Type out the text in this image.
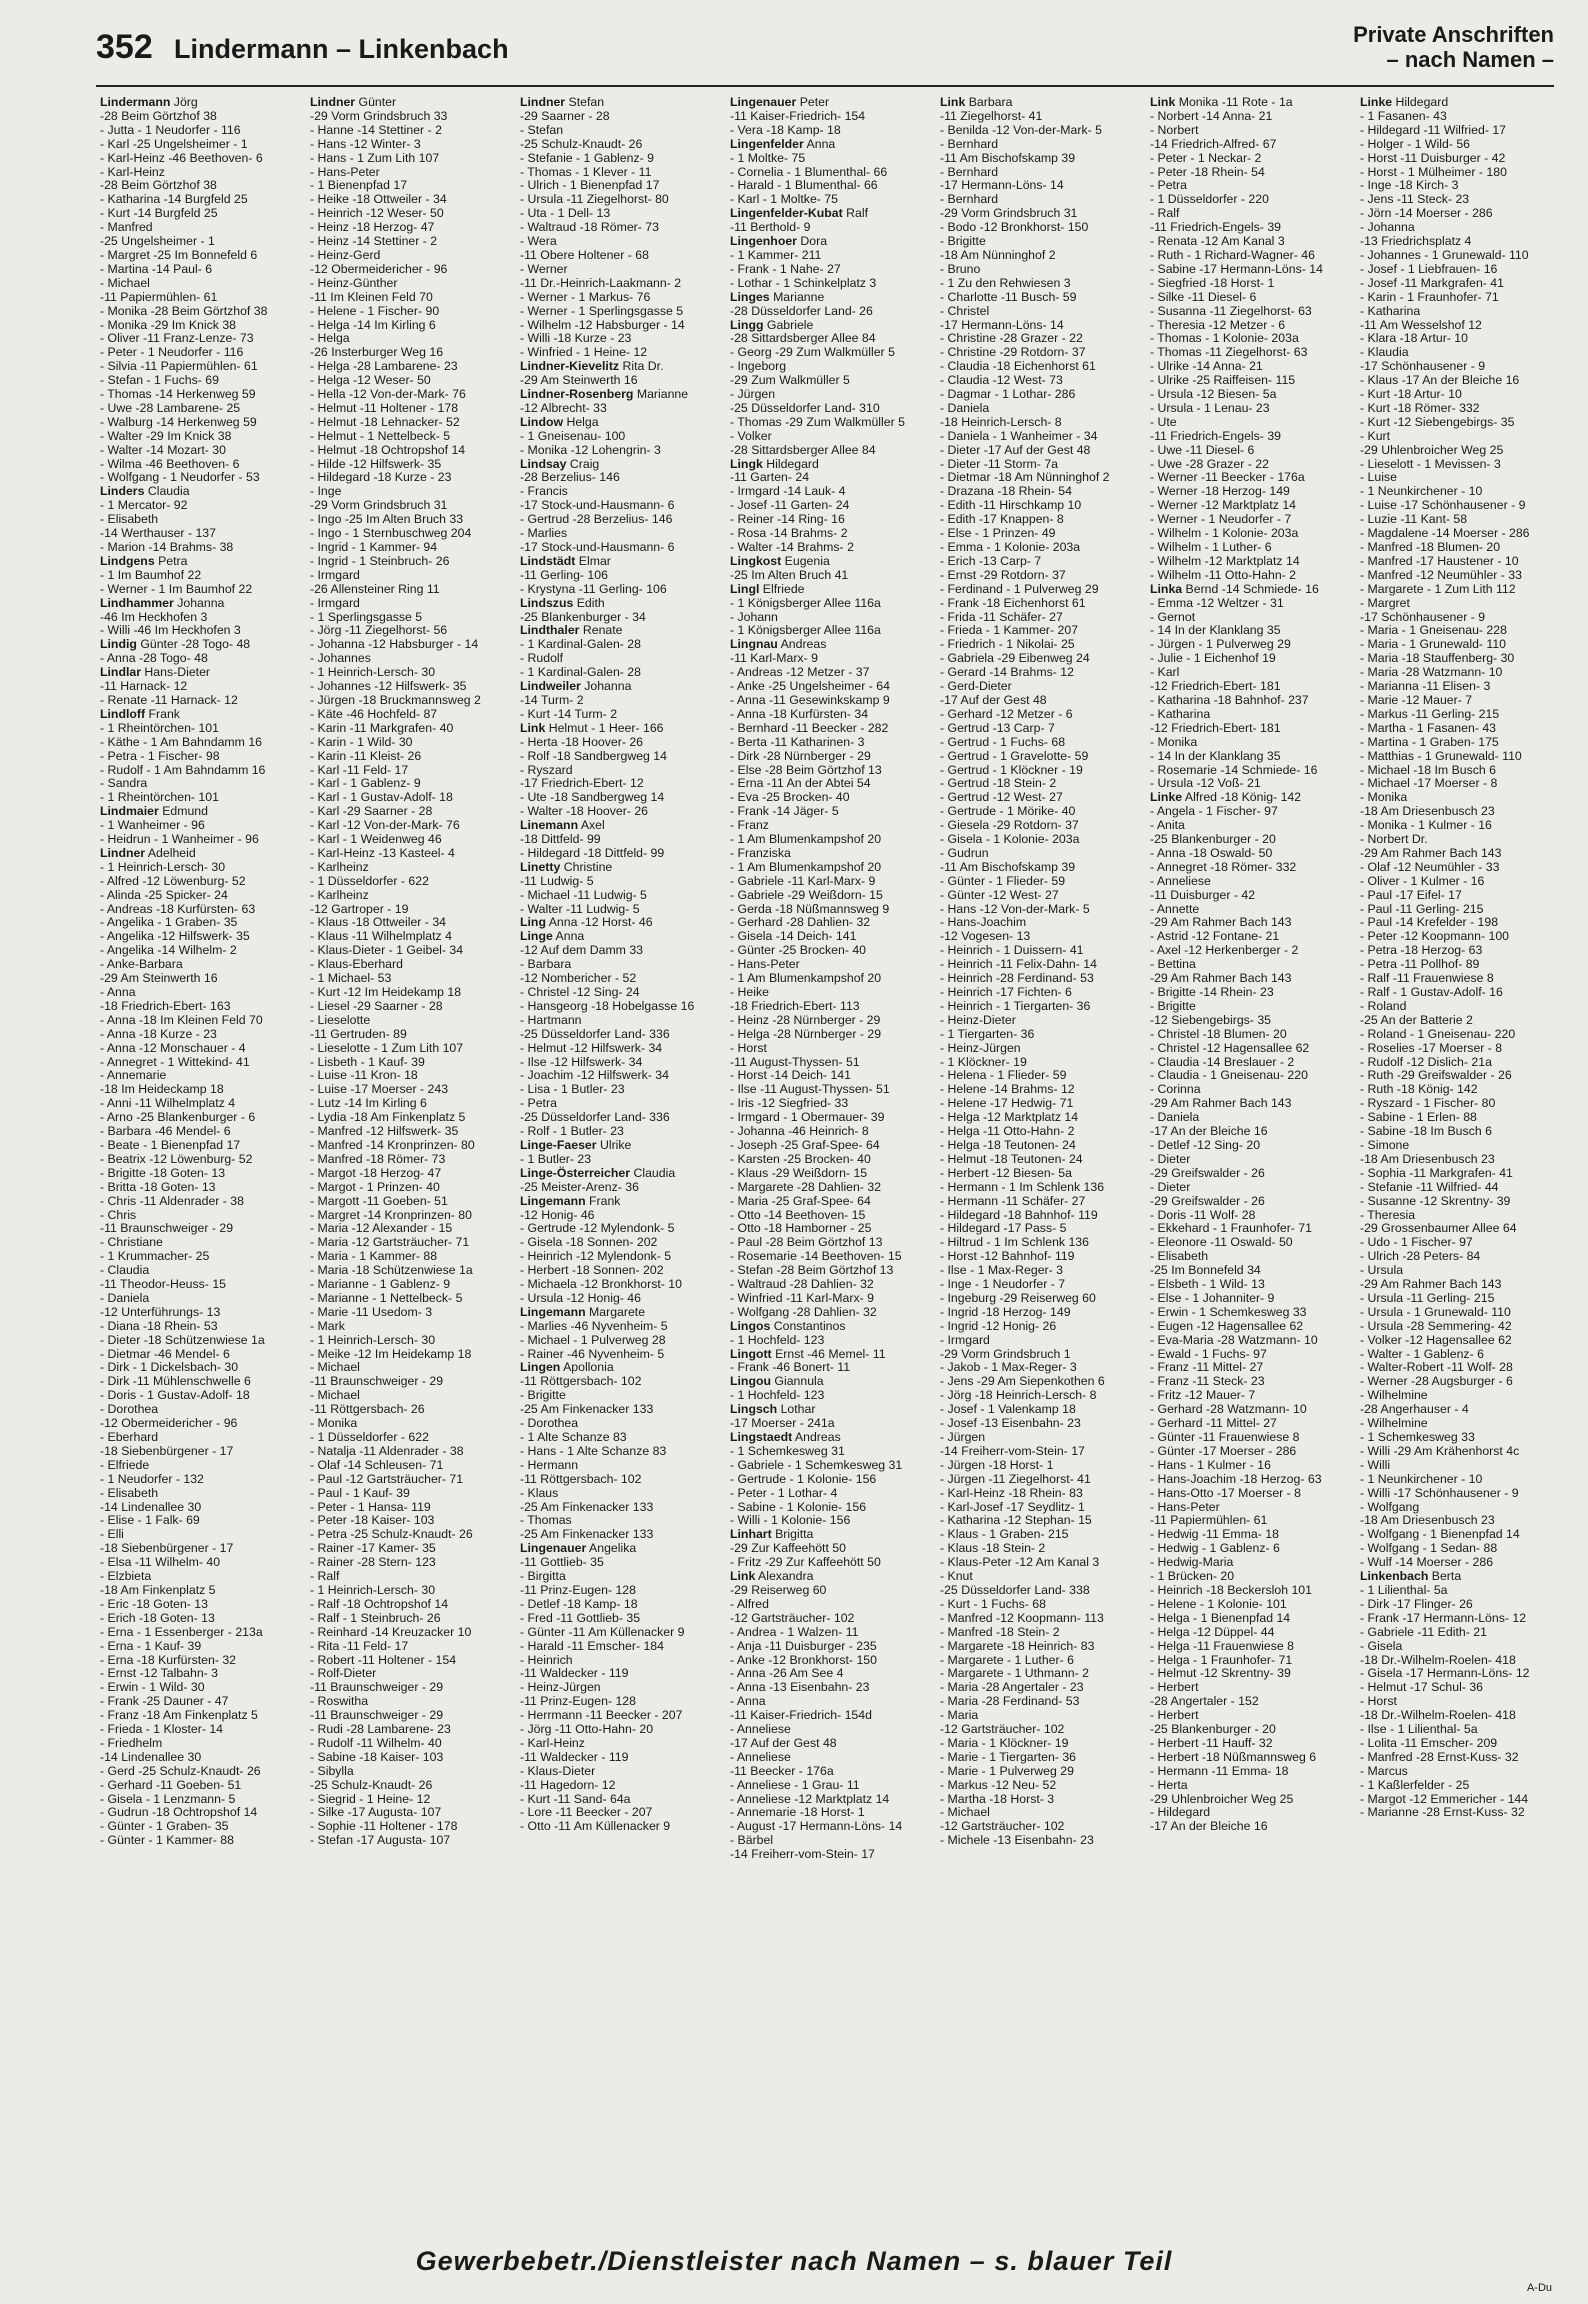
352 Lindermann – Linkenbach	Private Anschriften
– nach Namen –
Lindermann Jörg
-28 Beim Görtzhof 38
- Jutta - 1 Neudorfer - 116
- Karl -25 Ungelsheimer - 1
- Karl-Heinz -46 Beethoven- 6
- Karl-Heinz
-28 Beim Görtzhof 38
- Katharina -14 Burgfeld 25
- Kurt -14 Burgfeld 25
- Manfred
-25 Ungelsheimer - 1
- Margret -25 Im Bonnefeld 6
- Martina -14 Paul- 6
- Michael
-11 Papiermühlen- 61
- Monika -28 Beim Görtzhof 38
- Monika -29 Im Knick 38
- Oliver -11 Franz-Lenze- 73
- Peter - 1 Neudorfer - 116
- Silvia -11 Papiermühlen- 61
- Stefan - 1 Fuchs- 69
- Thomas -14 Herkenweg 59
- Uwe -28 Lambarene- 25
- Walburg -14 Herkenweg 59
- Walter -29 Im Knick 38
- Walter -14 Mozart- 30
- Wilma -46 Beethoven- 6
- Wolfgang - 1 Neudorfer - 53
Linders Claudia
- 1 Mercator- 92
- Elisabeth
-14 Werthauser - 137
- Marion -14 Brahms- 38
Lindgens Petra
- 1 Im Baumhof 22
- Werner - 1 Im Baumhof 22
Lindhammer Johanna
-46 Im Heckhofen 3
- Willi -46 Im Heckhofen 3
Lindig Günter -28 Togo- 48
- Anna -28 Togo- 48
Lindlar Hans-Dieter
-11 Harnack- 12
- Renate -11 Harnack- 12
Lindloff Frank
- 1 Rheintörchen- 101
- Käthe - 1 Am Bahndamm 16
- Petra - 1 Fischer- 98
- Rudolf - 1 Am Bahndamm 16
- Sandra
- 1 Rheintörchen- 101
Lindmaier Edmund
- 1 Wanheimer - 96
- Heidrun - 1 Wanheimer - 96
Lindner Adelheid
- 1 Heinrich-Lersch- 30
- Alfred -12 Löwenburg- 52
- Alinda -25 Spicker- 24
- Andreas -18 Kurfürsten- 63
- Angelika - 1 Graben- 35
- Angelika -12 Hilfswerk- 35
- Angelika -14 Wilhelm- 2
- Anke-Barbara
-29 Am Steinwerth 16
- Anna
-18 Friedrich-Ebert- 163
- Anna -18 Im Kleinen Feld 70
- Anna -18 Kurze - 23
- Anna -12 Monschauer - 4
- Annegret - 1 Wittekind- 41
- Annemarie
-18 Im Heideckamp 18
- Anni -11 Wilhelmplatz 4
- Arno -25 Blankenburger - 6
- Barbara -46 Mendel- 6
- Beate - 1 Bienenpfad 17
- Beatrix -12 Löwenburg- 52
- Brigitte -18 Goten- 13
- Britta -18 Goten- 13
- Chris -11 Aldenrader - 38
- Chris
-11 Braunschweiger - 29
- Christiane
- 1 Krummacher- 25
- Claudia
-11 Theodor-Heuss- 15
- Daniela
-12 Unterführungs- 13
- Diana -18 Rhein- 53
- Dieter -18 Schützenwiese 1a
- Dietmar -46 Mendel- 6
- Dirk - 1 Dickelsbach- 30
- Dirk -11 Mühlenschwelle 6
- Doris - 1 Gustav-Adolf- 18
- Dorothea
-12 Obermeidericher - 96
- Eberhard
-18 Siebenbürgener - 17
- Elfriede
- 1 Neudorfer - 132
- Elisabeth
-14 Lindenallee 30
- Elise - 1 Falk- 69
- Elli
-18 Siebenbürgener - 17
- Elsa -11 Wilhelm- 40
- Elzbieta
-18 Am Finkenplatz 5
- Eric -18 Goten- 13
- Erich -18 Goten- 13
- Erna - 1 Essenberger - 213a
- Erna - 1 Kauf- 39
- Erna -18 Kurfürsten- 32
- Ernst -12 Talbahn- 3
- Erwin - 1 Wild- 30
- Frank -25 Dauner - 47
- Franz -18 Am Finkenplatz 5
- Frieda - 1 Kloster- 14
- Friedhelm
-14 Lindenallee 30
- Gerd -25 Schulz-Knaudt- 26
- Gerhard -11 Goeben- 51
- Gisela - 1 Lenzmann- 5
- Gudrun -18 Ochtropshof 14
- Günter - 1 Graben- 35
- Günter - 1 Kammer- 88
Lindner Günter
-29 Vorm Grindsbruch 33
- Hanne -14 Stettiner - 2
- Hans -12 Winter- 3
- Hans - 1 Zum Lith 107
- Hans-Peter
- 1 Bienenpfad 17
- Heike -18 Ottweiler - 34
- Heinrich -12 Weser- 50
- Heinz -18 Herzog- 47
- Heinz -14 Stettiner - 2
- Heinz-Gerd
-12 Obermeidericher - 96
- Heinz-Günther
-11 Im Kleinen Feld 70
- Helene - 1 Fischer- 90
- Helga -14 Im Kirling 6
- Helga
-26 Insterburger Weg 16
- Helga -28 Lambarene- 23
- Helga -12 Weser- 50
- Hella -12 Von-der-Mark- 76
- Helmut -11 Holtener - 178
- Helmut -18 Lehnacker- 52
- Helmut - 1 Nettelbeck- 5
- Helmut -18 Ochtropshof 14
- Hilde -12 Hilfswerk- 35
- Hildegard -18 Kurze - 23
- Inge
-29 Vorm Grindsbruch 31
- Ingo -25 Im Alten Bruch 33
- Ingo - 1 Sternbuschweg 204
- Ingrid - 1 Kammer- 94
- Ingrid - 1 Steinbruch- 26
- Irmgard
-26 Allensteiner Ring 11
- Irmgard
- 1 Sperlingsgasse 5
- Jörg -11 Ziegelhorst- 56
- Johanna -12 Habsburger - 14
- Johannes
- 1 Heinrich-Lersch- 30
- Johannes -12 Hilfswerk- 35
- Jürgen -18 Bruckmannsweg 2
- Käte -46 Hochfeld- 87
- Karin -11 Markgrafen- 40
- Karin - 1 Wild- 30
- Karin -11 Kleist- 26
- Karl -11 Feld- 17
- Karl - 1 Gablenz- 9
- Karl - 1 Gustav-Adolf- 18
- Karl -29 Saarner - 28
- Karl -12 Von-der-Mark- 76
- Karl - 1 Weidenweg 46
- Karl-Heinz -13 Kasteel- 4
- Karlheinz
- 1 Düsseldorfer - 622
- Karlheinz
-12 Gartroper - 19
- Klaus -18 Ottweiler - 34
- Klaus -11 Wilhelmplatz 4
- Klaus-Dieter - 1 Geibel- 34
- Klaus-Eberhard
- 1 Michael- 53
- Kurt -12 Im Heidekamp 18
- Liesel -29 Saarner - 28
- Lieselotte
-11 Gertruden- 89
- Lieselotte - 1 Zum Lith 107
- Lisbeth - 1 Kauf- 39
- Luise -11 Kron- 18
- Luise -17 Moerser - 243
- Lutz -14 Im Kirling 6
- Lydia -18 Am Finkenplatz 5
- Manfred -12 Hilfswerk- 35
- Manfred -14 Kronprinzen- 80
- Manfred -18 Römer- 73
- Margot -18 Herzog- 47
- Margot - 1 Prinzen- 40
- Margott -11 Goeben- 51
- Margret -14 Kronprinzen- 80
- Maria -12 Alexander - 15
- Maria -12 Gartsträucher- 71
- Maria - 1 Kammer- 88
- Maria -18 Schützenwiese 1a
- Marianne - 1 Gablenz- 9
- Marianne - 1 Nettelbeck- 5
- Marie -11 Usedom- 3
- Mark
- 1 Heinrich-Lersch- 30
- Meike -12 Im Heidekamp 18
- Michael
-11 Braunschweiger - 29
- Michael
-11 Röttgersbach- 26
- Monika
- 1 Düsseldorfer - 622
- Natalja -11 Aldenrader - 38
- Olaf -14 Schleusen- 71
- Paul -12 Gartsträucher- 71
- Paul - 1 Kauf- 39
- Peter - 1 Hansa- 119
- Peter -18 Kaiser- 103
- Petra -25 Schulz-Knaudt- 26
- Rainer -17 Kamer- 35
- Rainer -28 Stern- 123
- Ralf
- 1 Heinrich-Lersch- 30
- Ralf -18 Ochtropshof 14
- Ralf - 1 Steinbruch- 26
- Reinhard -14 Kreuzacker 10
- Rita -11 Feld- 17
- Robert -11 Holtener - 154
- Rolf-Dieter
-11 Braunschweiger - 29
- Roswitha
-11 Braunschweiger - 29
- Rudi -28 Lambarene- 23
- Rudolf -11 Wilhelm- 40
- Sabine -18 Kaiser- 103
- Sibylla
-25 Schulz-Knaudt- 26
- Siegrid - 1 Heine- 12
- Silke -17 Augusta- 107
- Sophie -11 Holtener - 178
- Stefan -17 Augusta- 107
Lindner Stefan
-29 Saarner - 28
- Stefan
-25 Schulz-Knaudt- 26
- Stefanie - 1 Gablenz- 9
- Thomas - 1 Klever - 11
- Ulrich - 1 Bienenpfad 17
- Ursula -11 Ziegelhorst- 80
- Uta - 1 Dell- 13
- Waltraud -18 Römer- 73
- Wera
-11 Obere Holtener - 68
- Werner
-11 Dr.-Heinrich-Laakmann- 2
- Werner - 1 Markus- 76
- Werner - 1 Sperlingsgasse 5
- Wilhelm -12 Habsburger - 14
- Willi -18 Kurze - 23
- Winfried - 1 Heine- 12
Lindner-Kievelitz Rita Dr.
-29 Am Steinwerth 16
Lindner-Rosenberg Marianne
-12 Albrecht- 33
Lindow Helga
- 1 Gneisenau- 100
- Monika -12 Lohengrin- 3
Lindsay Craig
-28 Berzelius- 146
- Francis
-17 Stock-und-Hausmann- 6
- Gertrud -28 Berzelius- 146
- Marlies
-17 Stock-und-Hausmann- 6
Lindstädt Elmar
-11 Gerling- 106
- Krystyna -11 Gerling- 106
Lindszus Edith
-25 Blankenburger - 34
Lindthaler Renate
- 1 Kardinal-Galen- 28
- Rudolf
- 1 Kardinal-Galen- 28
Lindweiler Johanna
-14 Turm- 2
- Kurt -14 Turm- 2
Link Helmut - 1 Heer- 166
- Herta -18 Hoover- 26
- Rolf -18 Sandbergweg 14
- Ryszard
-17 Friedrich-Ebert- 12
- Ute -18 Sandbergweg 14
- Walter -18 Hoover- 26
Linemann Axel
-18 Dittfeld- 99
- Hildegard -18 Dittfeld- 99
Linetty Christine
-11 Ludwig- 5
- Michael -11 Ludwig- 5
- Walter -11 Ludwig- 5
Ling Anna -12 Horst- 46
Linge Anna
-12 Auf dem Damm 33
- Barbara
-12 Nombericher - 52
- Christel -12 Sing- 24
- Hansgeorg -18 Hobelgasse 16
- Hartmann
-25 Düsseldorfer Land- 336
- Helmut -12 Hilfswerk- 34
- Ilse -12 Hilfswerk- 34
- Joachim -12 Hilfswerk- 34
- Lisa - 1 Butler- 23
- Petra
-25 Düsseldorfer Land- 336
- Rolf - 1 Butler- 23
Linge-Faeser Ulrike
- 1 Butler- 23
Linge-Österreicher Claudia
-25 Meister-Arenz- 36
Lingemann Frank
-12 Honig- 46
- Gertrude -12 Mylendonk- 5
- Gisela -18 Sonnen- 202
- Heinrich -12 Mylendonk- 5
- Herbert -18 Sonnen- 202
- Michaela -12 Bronkhorst- 10
- Ursula -12 Honig- 46
Lingemann Margarete
- Marlies -46 Nyvenheim- 5
- Michael - 1 Pulverweg 28
- Rainer -46 Nyvenheim- 5
Lingen Apollonia
-11 Röttgersbach- 102
- Brigitte
-25 Am Finkenacker 133
- Dorothea
- 1 Alte Schanze 83
- Hans - 1 Alte Schanze 83
- Hermann
-11 Röttgersbach- 102
- Klaus
-25 Am Finkenacker 133
- Thomas
-25 Am Finkenacker 133
Lingenauer Angelika
-11 Gottlieb- 35
- Birgitta
-11 Prinz-Eugen- 128
- Detlef -18 Kamp- 18
- Fred -11 Gottlieb- 35
- Günter -11 Am Küllenacker 9
- Harald -11 Emscher- 184
- Heinrich
-11 Waldecker - 119
- Heinz-Jürgen
-11 Prinz-Eugen- 128
- Herrmann -11 Beecker - 207
- Jörg -11 Otto-Hahn- 20
- Karl-Heinz
-11 Waldecker - 119
- Klaus-Dieter
-11 Hagedorn- 12
- Kurt -11 Sand- 64a
- Lore -11 Beecker - 207
- Otto -11 Am Küllenacker 9
Lingenauer Peter
-11 Kaiser-Friedrich- 154
- Vera -18 Kamp- 18
Lingenfelder Anna
- 1 Moltke- 75
- Cornelia - 1 Blumenthal- 66
- Harald - 1 Blumenthal- 66
- Karl - 1 Moltke- 75
Lingenfelder-Kubat Ralf
-11 Berthold- 9
Lingenhoer Dora
- 1 Kammer- 211
- Frank - 1 Nahe- 27
- Lothar - 1 Schinkelplatz 3
Linges Marianne
-28 Düsseldorfer Land- 26
Lingg Gabriele
-28 Sittardsberger Allee 84
- Georg -29 Zum Walkmüller 5
- Ingeborg
-29 Zum Walkmüller 5
- Jürgen
-25 Düsseldorfer Land- 310
- Thomas -29 Zum Walkmüller 5
- Volker
-28 Sittardsberger Allee 84
Lingk Hildegard
-11 Garten- 24
- Irmgard -14 Lauk- 4
- Josef -11 Garten- 24
- Reiner -14 Ring- 16
- Rosa -14 Brahms- 2
- Walter -14 Brahms- 2
Lingkost Eugenia
-25 Im Alten Bruch 41
Lingl Elfriede
- 1 Königsberger Allee 116a
- Johann
- 1 Königsberger Allee 116a
Lingnau Andreas
-11 Karl-Marx- 9
- Andreas -12 Metzer - 37
- Anke -25 Ungelsheimer - 64
- Anna -11 Gesewinkskamp 9
- Anna -18 Kurfürsten- 34
- Bernhard -11 Beecker - 282
- Berta -11 Katharinen- 3
- Dirk -28 Nürnberger - 29
- Else -28 Beim Görtzhof 13
- Erna -11 An der Abtei 54
- Eva -25 Brocken- 40
- Frank -14 Jäger- 5
- Franz
- 1 Am Blumenkampshof 20
- Franziska
- 1 Am Blumenkampshof 20
- Gabriele -11 Karl-Marx- 9
- Gabriele -29 Weißdorn- 15
- Gerda -18 Nüßmannsweg 9
- Gerhard -28 Dahlien- 32
- Gisela -14 Deich- 141
- Günter -25 Brocken- 40
- Hans-Peter
- 1 Am Blumenkampshof 20
- Heike
-18 Friedrich-Ebert- 113
- Heinz -28 Nürnberger - 29
- Helga -28 Nürnberger - 29
- Horst
-11 August-Thyssen- 51
- Horst -14 Deich- 141
- Ilse -11 August-Thyssen- 51
- Iris -12 Siegfried- 33
- Irmgard - 1 Obermauer- 39
- Johanna -46 Heinrich- 8
- Joseph -25 Graf-Spee- 64
- Karsten -25 Brocken- 40
- Klaus -29 Weißdorn- 15
- Margarete -28 Dahlien- 32
- Maria -25 Graf-Spee- 64
- Otto -14 Beethoven- 15
- Otto -18 Hamborner - 25
- Paul -28 Beim Görtzhof 13
- Rosemarie -14 Beethoven- 15
- Stefan -28 Beim Görtzhof 13
- Waltraud -28 Dahlien- 32
- Winfried -11 Karl-Marx- 9
- Wolfgang -28 Dahlien- 32
Lingos Constantinos
- 1 Hochfeld- 123
Lingott Ernst -46 Memel- 11
- Frank -46 Bonert- 11
Lingou Giannula
- 1 Hochfeld- 123
Lingsch Lothar
-17 Moerser - 241a
Lingstaedt Andreas
- 1 Schemkesweg 31
- Gabriele - 1 Schemkesweg 31
- Gertrude - 1 Kolonie- 156
- Peter - 1 Lothar- 4
- Sabine - 1 Kolonie- 156
- Willi - 1 Kolonie- 156
Linhart Brigitta
-29 Zur Kaffeehött 50
- Fritz -29 Zur Kaffeehött 50
Link Alexandra
-29 Reiserweg 60
- Alfred
-12 Gartsträucher- 102
- Andrea - 1 Walzen- 11
- Anja -11 Duisburger - 235
- Anke -12 Bronkhorst- 150
- Anna -26 Am See 4
- Anna -13 Eisenbahn- 23
- Anna
-11 Kaiser-Friedrich- 154d
- Anneliese
-17 Auf der Gest 48
- Anneliese
-11 Beecker - 176a
- Anneliese - 1 Grau- 11
- Anneliese -12 Marktplatz 14
- Annemarie -18 Horst- 1
- August -17 Hermann-Löns- 14
- Bärbel
-14 Freiherr-vom-Stein- 17
Link Barbara
-11 Ziegelhorst- 41
- Benilda -12 Von-der-Mark- 5
- Bernhard
-11 Am Bischofskamp 39
- Bernhard
-17 Hermann-Löns- 14
- Bernhard
-29 Vorm Grindsbruch 31
- Bodo -12 Bronkhorst- 150
- Brigitte
-18 Am Nünninghof 2
- Bruno
- 1 Zu den Rehwiesen 3
- Charlotte -11 Busch- 59
- Christel
-17 Hermann-Löns- 14
- Christine -28 Grazer - 22
- Christine -29 Rotdorn- 37
- Claudia -18 Eichenhorst 61
- Claudia -12 West- 73
- Dagmar - 1 Lothar- 286
- Daniela
-18 Heinrich-Lersch- 8
- Daniela - 1 Wanheimer - 34
- Dieter -17 Auf der Gest 48
- Dieter -11 Storm- 7a
- Dietmar -18 Am Nünninghof 2
- Drazana -18 Rhein- 54
- Edith -11 Hirschkamp 10
- Edith -17 Knappen- 8
- Else - 1 Prinzen- 49
- Emma - 1 Kolonie- 203a
- Erich -13 Carp- 7
- Ernst -29 Rotdorn- 37
- Ferdinand - 1 Pulverweg 29
- Frank -18 Eichenhorst 61
- Frida -11 Schäfer- 27
- Frieda - 1 Kammer- 207
- Friedrich - 1 Nikolai- 25
- Gabriela -29 Eibenweg 24
- Gerard -14 Brahms- 12
- Gerd-Dieter
-17 Auf der Gest 48
- Gerhard -12 Metzer - 6
- Gertrud -13 Carp- 7
- Gertrud - 1 Fuchs- 68
- Gertrud - 1 Gravelotte- 59
- Gertrud - 1 Klöckner - 19
- Gertrud -18 Stein- 2
- Gertrud -12 West- 27
- Gertrude - 1 Mörike- 40
- Giesela -29 Rotdorn- 37
- Gisela - 1 Kolonie- 203a
- Gudrun
-11 Am Bischofskamp 39
- Günter - 1 Flieder- 59
- Günter -12 West- 27
- Hans -12 Von-der-Mark- 5
- Hans-Joachim
-12 Vogesen- 13
- Heinrich - 1 Duissern- 41
- Heinrich -11 Felix-Dahn- 14
- Heinrich -28 Ferdinand- 53
- Heinrich -17 Fichten- 6
- Heinrich - 1 Tiergarten- 36
- Heinz-Dieter
- 1 Tiergarten- 36
- Heinz-Jürgen
- 1 Klöckner- 19
- Helena - 1 Flieder- 59
- Helene -14 Brahms- 12
- Helene -17 Hedwig- 71
- Helga -12 Marktplatz 14
- Helga -11 Otto-Hahn- 2
- Helga -18 Teutonen- 24
- Helmut -18 Teutonen- 24
- Herbert -12 Biesen- 5a
- Hermann - 1 Im Schlenk 136
- Hermann -11 Schäfer- 27
- Hildegard -18 Bahnhof- 119
- Hildegard -17 Pass- 5
- Hiltrud - 1 Im Schlenk 136
- Horst -12 Bahnhof- 119
- Ilse - 1 Max-Reger- 3
- Inge - 1 Neudorfer - 7
- Ingeburg -29 Reiserweg 60
- Ingrid -18 Herzog- 149
- Ingrid -12 Honig- 26
- Irmgard
-29 Vorm Grindsbruch 1
- Jakob - 1 Max-Reger- 3
- Jens -29 Am Siepenkothen 6
- Jörg -18 Heinrich-Lersch- 8
- Josef - 1 Valenkamp 18
- Josef -13 Eisenbahn- 23
- Jürgen
-14 Freiherr-vom-Stein- 17
- Jürgen -18 Horst- 1
- Jürgen -11 Ziegelhorst- 41
- Karl-Heinz -18 Rhein- 83
- Karl-Josef -17 Seydlitz- 1
- Katharina -12 Stephan- 15
- Klaus - 1 Graben- 215
- Klaus -18 Stein- 2
- Klaus-Peter -12 Am Kanal 3
- Knut
-25 Düsseldorfer Land- 338
- Kurt - 1 Fuchs- 68
- Manfred -12 Koopmann- 113
- Manfred -18 Stein- 2
- Margarete -18 Heinrich- 83
- Margarete - 1 Luther- 6
- Margarete - 1 Uthmann- 2
- Maria -28 Angertaler - 23
- Maria -28 Ferdinand- 53
- Maria
-12 Gartsträucher- 102
- Maria - 1 Klöckner- 19
- Marie - 1 Tiergarten- 36
- Marie - 1 Pulverweg 29
- Markus -12 Neu- 52
- Martha -18 Horst- 3
- Michael
-12 Gartsträucher- 102
- Michele -13 Eisenbahn- 23
Link Monika -11 Rote - 1a
- Norbert -14 Anna- 21
- Norbert
-14 Friedrich-Alfred- 67
- Peter - 1 Neckar- 2
- Peter -18 Rhein- 54
- Petra
- 1 Düsseldorfer - 220
- Ralf
-11 Friedrich-Engels- 39
- Renata -12 Am Kanal 3
- Ruth - 1 Richard-Wagner- 46
- Sabine -17 Hermann-Löns- 14
- Siegfried -18 Horst- 1
- Silke -11 Diesel- 6
- Susanna -11 Ziegelhorst- 63
- Theresia -12 Metzer - 6
- Thomas - 1 Kolonie- 203a
- Thomas -11 Ziegelhorst- 63
- Ulrike -14 Anna- 21
- Ulrike -25 Raiffeisen- 115
- Ursula -12 Biesen- 5a
- Ursula - 1 Lenau- 23
- Ute
-11 Friedrich-Engels- 39
- Uwe -11 Diesel- 6
- Uwe -28 Grazer - 22
- Werner -11 Beecker - 176a
- Werner -18 Herzog- 149
- Werner -12 Marktplatz 14
- Werner - 1 Neudorfer - 7
- Wilhelm - 1 Kolonie- 203a
- Wilhelm - 1 Luther- 6
- Wilhelm -12 Marktplatz 14
- Wilhelm -11 Otto-Hahn- 2
Linka Bernd -14 Schmiede- 16
- Emma -12 Weltzer - 31
- Gernot
- 14 In der Klanklang 35
- Jürgen - 1 Pulverweg 29
- Julie - 1 Eichenhof 19
- Karl
-12 Friedrich-Ebert- 181
- Katharina -18 Bahnhof- 237
- Katharina
-12 Friedrich-Ebert- 181
- Monika
- 14 In der Klanklang 35
- Rosemarie -14 Schmiede- 16
- Ursula -12 Voß- 21
Linke Alfred -18 König- 142
- Angela - 1 Fischer- 97
- Anita
-25 Blankenburger - 20
- Anna -18 Oswald- 50
- Annegret -18 Römer- 332
- Anneliese
-11 Duisburger - 42
- Annette
-29 Am Rahmer Bach 143
- Astrid -12 Fontane- 21
- Axel -12 Herkenberger - 2
- Bettina
-29 Am Rahmer Bach 143
- Brigitte -14 Rhein- 23
- Brigitte
-12 Siebengebirgs- 35
- Christel -18 Blumen- 20
- Christel -12 Hagensallee 62
- Claudia -14 Breslauer - 2
- Claudia - 1 Gneisenau- 220
- Corinna
-29 Am Rahmer Bach 143
- Daniela
-17 An der Bleiche 16
- Detlef -12 Sing- 20
- Dieter
-29 Greifswalder - 26
- Dieter
-29 Greifswalder - 26
- Doris -11 Wolf- 28
- Ekkehard - 1 Fraunhofer- 71
- Eleonore -11 Oswald- 50
- Elisabeth
-25 Im Bonnefeld 34
- Elsbeth - 1 Wild- 13
- Else - 1 Johanniter- 9
- Erwin - 1 Schemkesweg 33
- Eugen -12 Hagensallee 62
- Eva-Maria -28 Watzmann- 10
- Ewald - 1 Fuchs- 97
- Franz -11 Mittel- 27
- Franz -11 Steck- 23
- Fritz -12 Mauer- 7
- Gerhard -28 Watzmann- 10
- Gerhard -11 Mittel- 27
- Günter -11 Frauenwiese 8
- Günter -17 Moerser - 286
- Hans - 1 Kulmer - 16
- Hans-Joachim -18 Herzog- 63
- Hans-Otto -17 Moerser - 8
- Hans-Peter
-11 Papiermühlen- 61
- Hedwig -11 Emma- 18
- Hedwig - 1 Gablenz- 6
- Hedwig-Maria
- 1 Brücken- 20
- Heinrich -18 Beckersloh 101
- Helene - 1 Kolonie- 101
- Helga - 1 Bienenpfad 14
- Helga -12 Düppel- 44
- Helga -11 Frauenwiese 8
- Helga - 1 Fraunhofer- 71
- Helmut -12 Skrentny- 39
- Herbert
-28 Angertaler - 152
- Herbert
-25 Blankenburger - 20
- Herbert -11 Hauff- 32
- Herbert -18 Nüßmannsweg 6
- Hermann -11 Emma- 18
- Herta
-29 Uhlenbroicher Weg 25
- Hildegard
-17 An der Bleiche 16
Linke Hildegard
- 1 Fasanen- 43
- Hildegard -11 Wilfried- 17
- Holger - 1 Wild- 56
- Horst -11 Duisburger - 42
- Horst - 1 Mülheimer - 180
- Inge -18 Kirch- 3
- Jens -11 Steck- 23
- Jörn -14 Moerser - 286
- Johanna
-13 Friedrichsplatz 4
- Johannes - 1 Grunewald- 110
- Josef - 1 Liebfrauen- 16
- Josef -11 Markgrafen- 41
- Karin - 1 Fraunhofer- 71
- Katharina
-11 Am Wesselshof 12
- Klara -18 Artur- 10
- Klaudia
-17 Schönhausener - 9
- Klaus -17 An der Bleiche 16
- Kurt -18 Artur- 10
- Kurt -18 Römer- 332
- Kurt -12 Siebengebirgs- 35
- Kurt
-29 Uhlenbroicher Weg 25
- Lieselott - 1 Mevissen- 3
- Luise
- 1 Neunkirchener - 10
- Luise -17 Schönhausener - 9
- Luzie -11 Kant- 58
- Magdalene -14 Moerser - 286
- Manfred -18 Blumen- 20
- Manfred -17 Haustener - 10
- Manfred -12 Neumühler - 33
- Margarete - 1 Zum Lith 112
- Margret
-17 Schönhausener - 9
- Maria - 1 Gneisenau- 228
- Maria - 1 Grunewald- 110
- Maria -18 Stauffenberg- 30
- Maria -28 Watzmann- 10
- Marianna -11 Elisen- 3
- Marie -12 Mauer- 7
- Markus -11 Gerling- 215
- Martha - 1 Fasanen- 43
- Martina - 1 Graben- 175
- Matthias - 1 Grunewald- 110
- Michael -18 Im Busch 6
- Michael -17 Moerser - 8
- Monika
-18 Am Driesenbusch 23
- Monika - 1 Kulmer - 16
- Norbert Dr.
-29 Am Rahmer Bach 143
- Olaf -12 Neumühler - 33
- Oliver - 1 Kulmer - 16
- Paul -17 Eifel- 17
- Paul -11 Gerling- 215
- Paul -14 Krefelder - 198
- Peter -12 Koopmann- 100
- Petra -18 Herzog- 63
- Petra -11 Pollhof- 89
- Ralf -11 Frauenwiese 8
- Ralf - 1 Gustav-Adolf- 16
- Roland
-25 An der Batterie 2
- Roland - 1 Gneisenau- 220
- Roselies -17 Moerser - 8
- Rudolf -12 Dislich- 21a
- Ruth -29 Greifswalder - 26
- Ruth -18 König- 142
- Ryszard - 1 Fischer- 80
- Sabine - 1 Erlen- 88
- Sabine -18 Im Busch 6
- Simone
-18 Am Driesenbusch 23
- Sophia -11 Markgrafen- 41
- Stefanie -11 Wilfried- 44
- Susanne -12 Skrentny- 39
- Theresia
-29 Grossenbaumer Allee 64
- Udo - 1 Fischer- 97
- Ulrich -28 Peters- 84
- Ursula
-29 Am Rahmer Bach 143
- Ursula -11 Gerling- 215
- Ursula - 1 Grunewald- 110
- Ursula -28 Semmering- 42
- Volker -12 Hagensallee 62
- Walter - 1 Gablenz- 6
- Walter-Robert -11 Wolf- 28
- Werner -28 Augsburger - 6
- Wilhelmine
-28 Angerhauser - 4
- Wilhelmine
- 1 Schemkesweg 33
- Willi -29 Am Krähenhorst 4c
- Willi
- 1 Neunkirchener - 10
- Willi -17 Schönhausener - 9
- Wolfgang
-18 Am Driesenbusch 23
- Wolfgang - 1 Bienenpfad 14
- Wolfgang - 1 Sedan- 88
- Wulf -14 Moerser - 286
Linkenbach Berta
- 1 Lilienthal- 5a
- Dirk -17 Flinger- 26
- Frank -17 Hermann-Löns- 12
- Gabriele -11 Edith- 21
- Gisela
-18 Dr.-Wilhelm-Roelen- 418
- Gisela -17 Hermann-Löns- 12
- Helmut -17 Schul- 36
- Horst
-18 Dr.-Wilhelm-Roelen- 418
- Ilse - 1 Lilienthal- 5a
- Lolita -11 Emscher- 209
- Manfred -28 Ernst-Kuss- 32
- Marcus
- 1 Kaßlerfelder - 25
- Margot -12 Emmericher - 144
- Marianne -28 Ernst-Kuss- 32
Gewerbebetr./Dienstleister nach Namen – s. blauer Teil
A-Du
